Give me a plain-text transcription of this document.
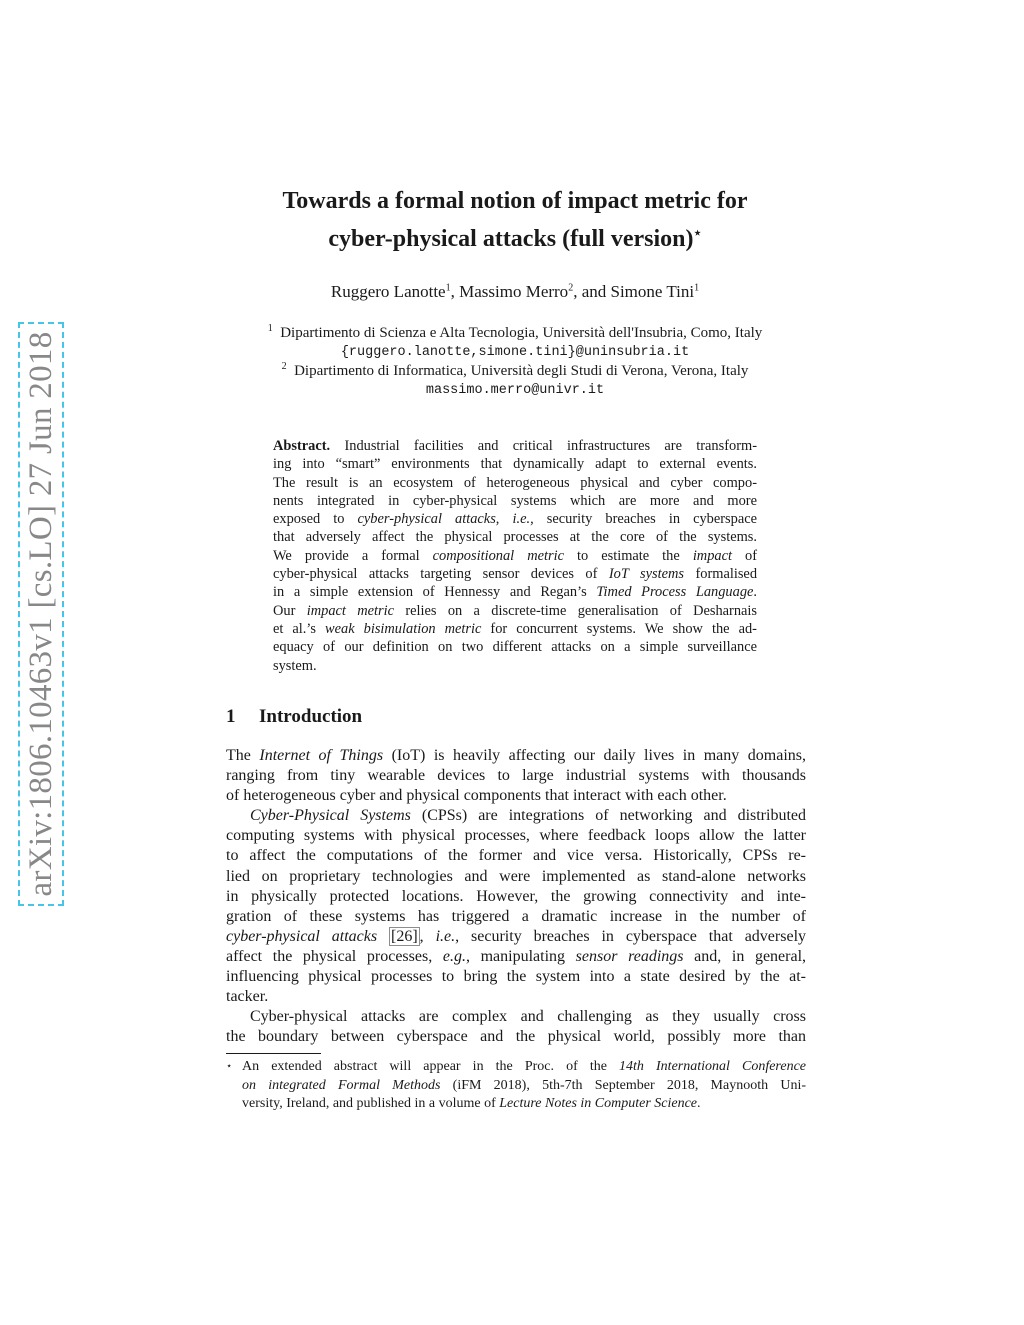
arXiv:1806.10463v1 [cs.LO] 27 Jun 2018
Towards a formal notion of impact metric for
cyber-physical attacks (full version)⋆
Ruggero Lanotte$^1$, Massimo Merro$^2$, and Simone Tini$^1$
$^1$ Dipartimento di Scienza e Alta Tecnologia, Università dell'Insubria, Como, Italy
{ruggero.lanotte,simone.tini}@uninsubria.it
$^2$ Dipartimento di Informatica, Università degli Studi di Verona, Verona, Italy
massimo.merro@univr.it
Abstract. Industrial facilities and critical infrastructures are transform-
ing into “smart” environments that dynamically adapt to external events.
The result is an ecosystem of heterogeneous physical and cyber compo-
nents integrated in cyber-physical systems which are more and more
exposed to cyber-physical attacks, i.e., security breaches in cyberspace
that adversely affect the physical processes at the core of the systems.
We provide a formal compositional metric to estimate the impact of
cyber-physical attacks targeting sensor devices of IoT systems formalised
in a simple extension of Hennessy and Regan’s Timed Process Language.
Our impact metric relies on a discrete-time generalisation of Desharnais
et al.’s weak bisimulation metric for concurrent systems. We show the ad-
equacy of our definition on two different attacks on a simple surveillance
system.
1 Introduction
The Internet of Things (IoT) is heavily affecting our daily lives in many domains,
ranging from tiny wearable devices to large industrial systems with thousands
of heterogeneous cyber and physical components that interact with each other.
Cyber-Physical Systems (CPSs) are integrations of networking and distributed
computing systems with physical processes, where feedback loops allow the latter
to affect the computations of the former and vice versa. Historically, CPSs re-
lied on proprietary technologies and were implemented as stand-alone networks
in physically protected locations. However, the growing connectivity and inte-
gration of these systems has triggered a dramatic increase in the number of
cyber-physical attacks [26] , i.e., security breaches in cyberspace that adversely
affect the physical processes, e.g., manipulating sensor readings and, in general,
influencing physical processes to bring the system into a state desired by the at-
tacker.
Cyber-physical attacks are complex and challenging as they usually cross
the boundary between cyberspace and the physical world, possibly more than
⋆ An extended abstract will appear in the Proc. of the 14th International Conference
on integrated Formal Methods (iFM 2018), 5th-7th September 2018, Maynooth Uni-
versity, Ireland, and published in a volume of Lecture Notes in Computer Science.
